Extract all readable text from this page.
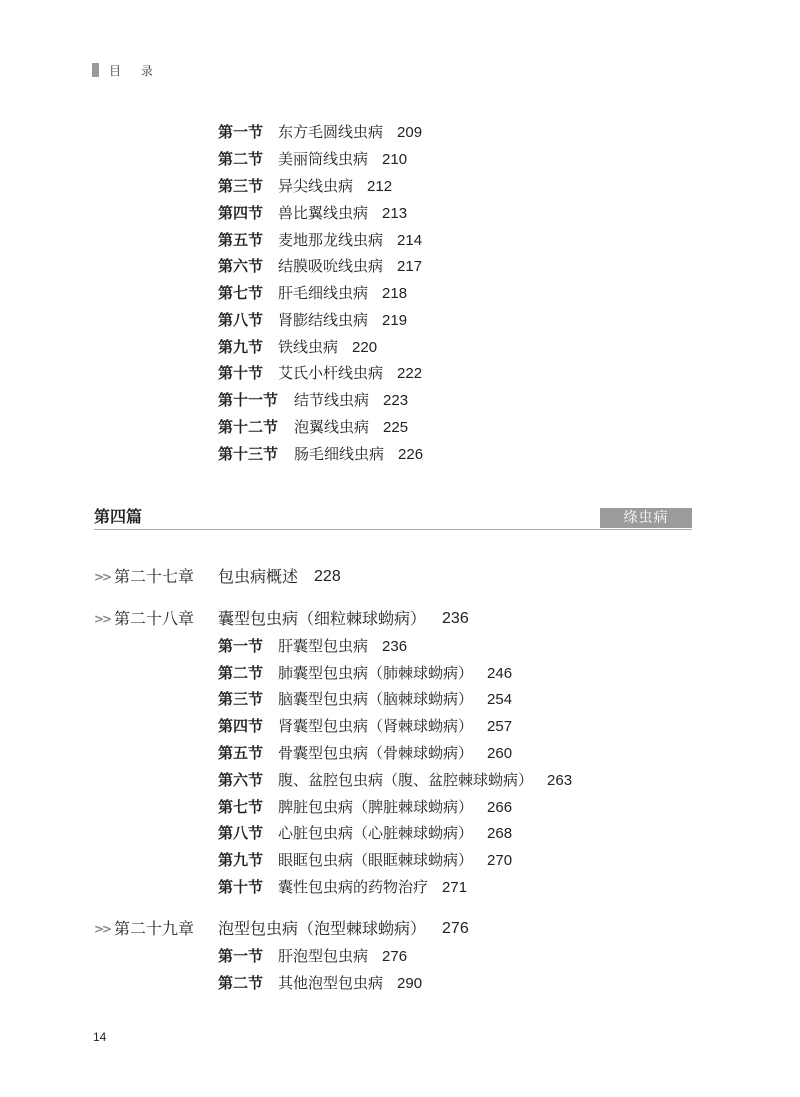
目 录
第一节 东方毛圆线虫病 209
第二节 美丽筒线虫病 210
第三节 异尖线虫病 212
第四节 兽比翼线虫病 213
第五节 麦地那龙线虫病 214
第六节 结膜吸吮线虫病 217
第七节 肝毛细线虫病 218
第八节 肾膨结线虫病 219
第九节 铁线虫病 220
第十节 艾氏小杆线虫病 222
第十一节 结节线虫病 223
第十二节 泡翼线虫病 225
第十三节 肠毛细线虫病 226
第四篇	绦虫病
>> 第二十七章	包虫病概述 228
>> 第二十八章	囊型包虫病（细粒棘球蚴病） 236
第一节 肝囊型包虫病 236
第二节 肺囊型包虫病（肺棘球蚴病） 246
第三节 脑囊型包虫病（脑棘球蚴病） 254
第四节 肾囊型包虫病（肾棘球蚴病） 257
第五节 骨囊型包虫病（骨棘球蚴病） 260
第六节 腹、盆腔包虫病（腹、盆腔棘球蚴病） 263
第七节 脾脏包虫病（脾脏棘球蚴病） 266
第八节 心脏包虫病（心脏棘球蚴病） 268
第九节 眼眶包虫病（眼眶棘球蚴病） 270
第十节 囊性包虫病的药物治疗 271
>> 第二十九章	泡型包虫病（泡型棘球蚴病） 276
第一节 肝泡型包虫病 276
第二节 其他泡型包虫病 290
14
